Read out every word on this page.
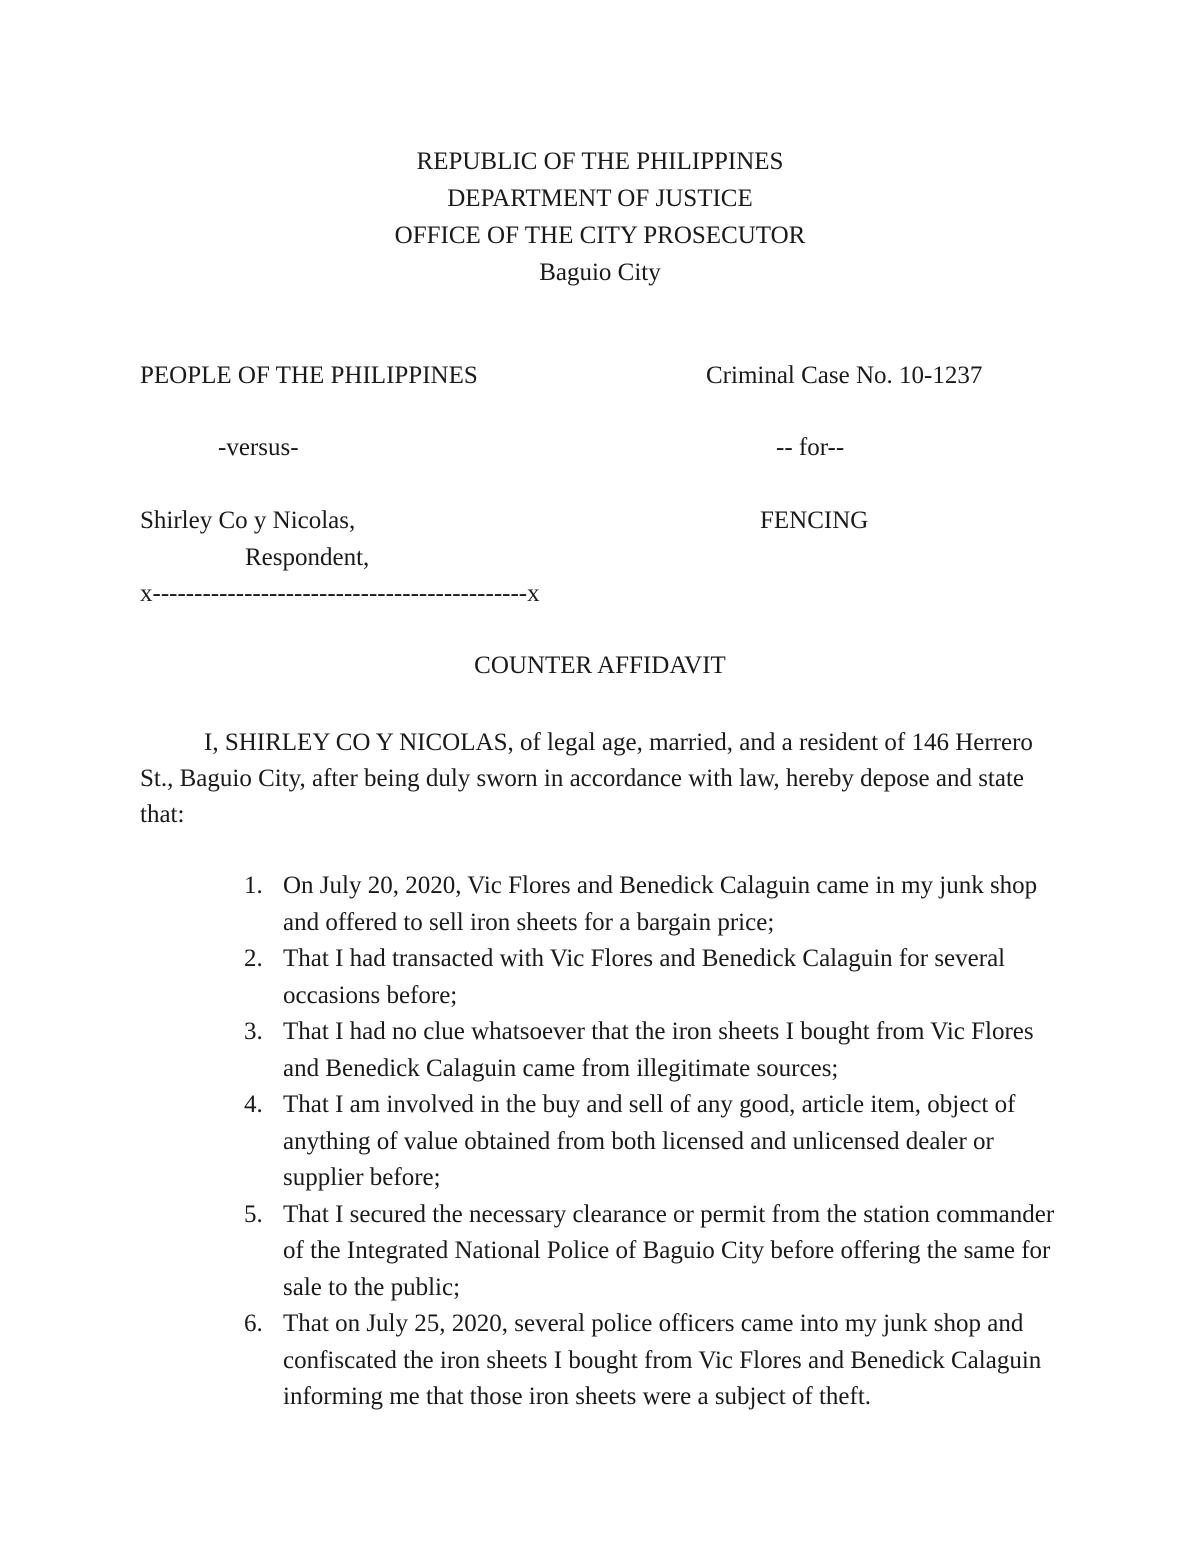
REPUBLIC OF THE PHILIPPINES
DEPARTMENT OF JUSTICE
OFFICE OF THE CITY PROSECUTOR
Baguio City
PEOPLE OF THE PHILIPPINES	Criminal Case No. 10-1237
-versus-	-- for--
Shirley Co y Nicolas,	FENCING
Respondent,
x---------------------------------------------x
COUNTER AFFIDAVIT
I, SHIRLEY CO Y NICOLAS, of legal age, married, and a resident of 146 Herrero St., Baguio City, after being duly sworn in accordance with law, hereby depose and state that:
1. On July 20, 2020, Vic Flores and Benedick Calaguin came in my junk shop and offered to sell iron sheets for a bargain price;
2. That I had transacted with Vic Flores and Benedick Calaguin for several occasions before;
3. That I had no clue whatsoever that the iron sheets I bought from Vic Flores and Benedick Calaguin came from illegitimate sources;
4. That I am involved in the buy and sell of any good, article item, object of anything of value obtained from both licensed and unlicensed dealer or supplier before;
5. That I secured the necessary clearance or permit from the station commander of the Integrated National Police of Baguio City before offering the same for sale to the public;
6. That on July 25, 2020, several police officers came into my junk shop and confiscated the iron sheets I bought from Vic Flores and Benedick Calaguin informing me that those iron sheets were a subject of theft.
